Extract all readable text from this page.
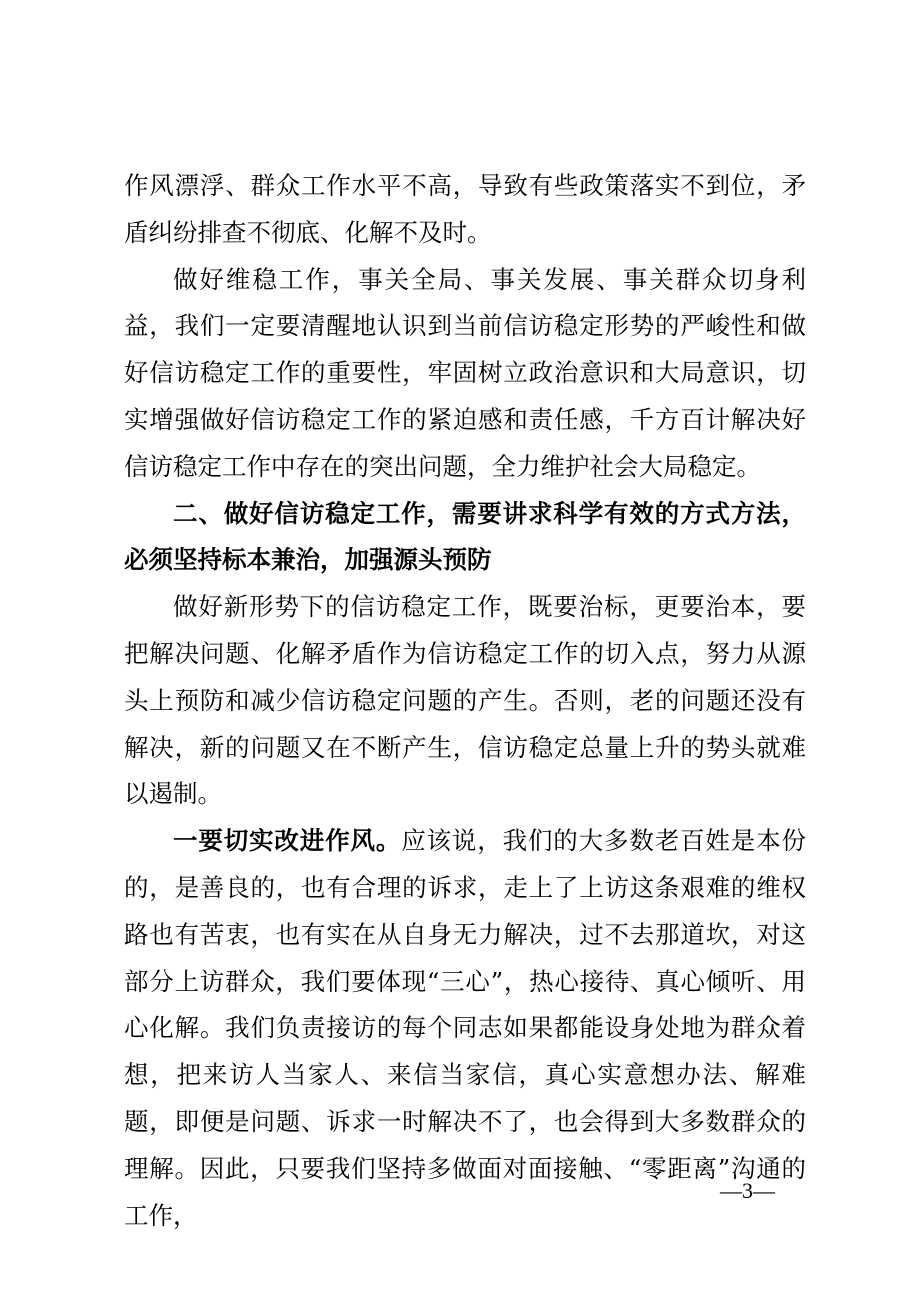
作风漂浮、群众工作水平不高，导致有些政策落实不到位，矛盾纠纷排查不彻底、化解不及时。

做好维稳工作，事关全局、事关发展、事关群众切身利益，我们一定要清醒地认识到当前信访稳定形势的严峻性和做好信访稳定工作的重要性，牢固树立政治意识和大局意识，切实增强做好信访稳定工作的紧迫感和责任感，千方百计解决好信访稳定工作中存在的突出问题，全力维护社会大局稳定。

二、做好信访稳定工作，需要讲求科学有效的方式方法，必须坚持标本兼治，加强源头预防

做好新形势下的信访稳定工作，既要治标，更要治本，要把解决问题、化解矛盾作为信访稳定工作的切入点，努力从源头上预防和减少信访稳定问题的产生。否则，老的问题还没有解决，新的问题又在不断产生，信访稳定总量上升的势头就难以遏制。

一要切实改进作风。应该说，我们的大多数老百姓是本份的，是善良的，也有合理的诉求，走上了上访这条艰难的维权路也有苦衷，也有实在从自身无力解决，过不去那道坎，对这部分上访群众，我们要体现“三心”，热心接待、真心倾听、用心化解。我们负责接访的每个同志如果都能设身处地为群众着想，把来访人当家人、来信当家信，真心实意想办法、解难题，即便是问题、诉求一时解决不了，也会得到大多数群众的理解。因此，只要我们坚持多做面对面接触、“零距离”沟通的工作，

—3—
